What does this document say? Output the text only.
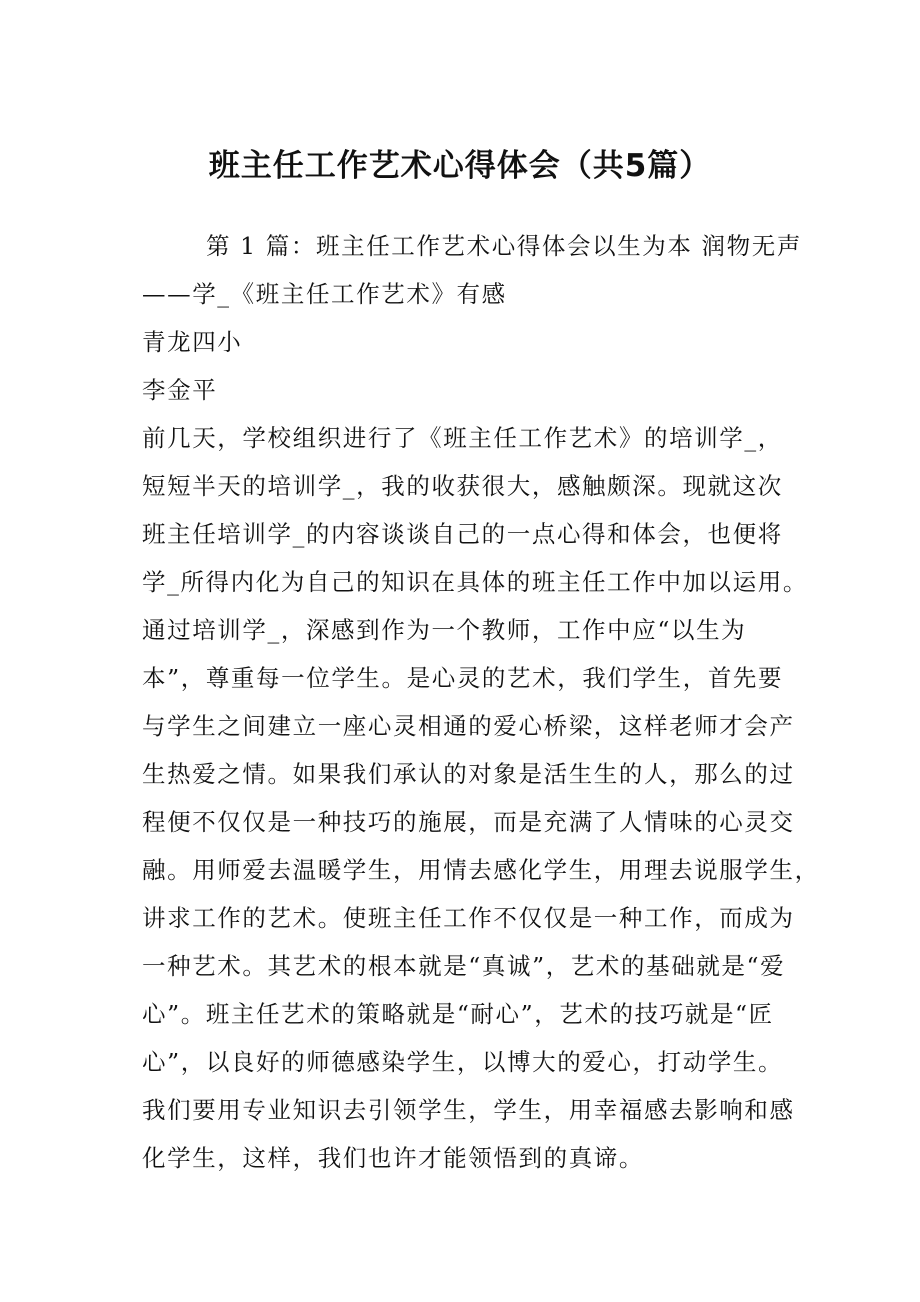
班主任工作艺术心得体会（共5篇）
第 1 篇：班主任工作艺术心得体会以生为本 润物无声
——学_《班主任工作艺术》有感
青龙四小
李金平
前几天，学校组织进行了《班主任工作艺术》的培训学_，
短短半天的培训学_，我的收获很大，感触颇深。现就这次
班主任培训学_的内容谈谈自己的一点心得和体会，也便将
学_所得内化为自己的知识在具体的班主任工作中加以运用。
通过培训学_，深感到作为一个教师，工作中应“以生为
本”，尊重每一位学生。是心灵的艺术，我们学生，首先要
与学生之间建立一座心灵相通的爱心桥梁，这样老师才会产
生热爱之情。如果我们承认的对象是活生生的人，那么的过
程便不仅仅是一种技巧的施展，而是充满了人情味的心灵交
融。用师爱去温暖学生，用情去感化学生，用理去说服学生，
讲求工作的艺术。使班主任工作不仅仅是一种工作，而成为
一种艺术。其艺术的根本就是“真诚”，艺术的基础就是“爱
心”。班主任艺术的策略就是“耐心”，艺术的技巧就是“匠
心”，以良好的师德感染学生，以博大的爱心，打动学生。
我们要用专业知识去引领学生，学生，用幸福感去影响和感
化学生，这样，我们也许才能领悟到的真谛。
